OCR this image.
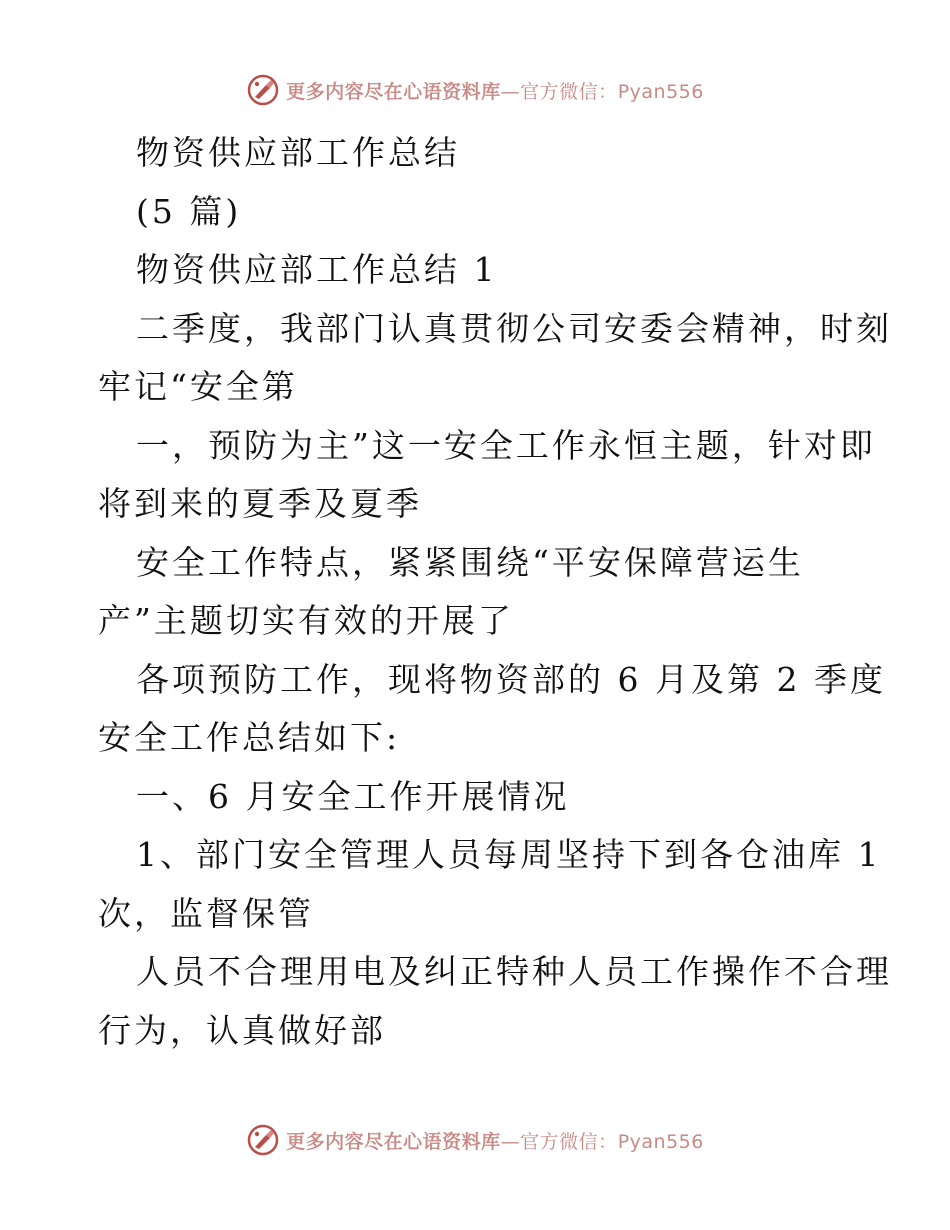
更多内容尽在心语资料库—官方微信：Pyan556
物资供应部工作总结
(5 篇)
物资供应部工作总结 1
二季度，我部门认真贯彻公司安委会精神，时刻
牢记“安全第
一，预防为主”这一安全工作永恒主题，针对即
将到来的夏季及夏季
安全工作特点，紧紧围绕“平安保障营运生
产”主题切实有效的开展了
各项预防工作，现将物资部的 6 月及第 2 季度
安全工作总结如下:
一、6 月安全工作开展情况
1、部门安全管理人员每周坚持下到各仓油库 1
次，监督保管
人员不合理用电及纠正特种人员工作操作不合理
行为，认真做好部
更多内容尽在心语资料库—官方微信：Pyan556
